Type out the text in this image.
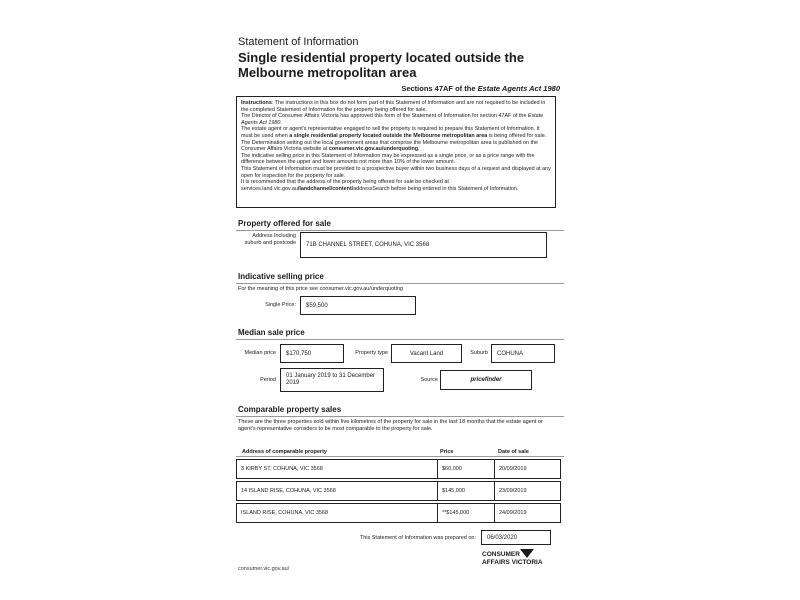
Statement of Information
Single residential property located outside the Melbourne metropolitan area
Sections 47AF of the Estate Agents Act 1980
Instructions: The instructions in this box do not form part of this Statement of Information and are not required to be included in the completed Statement of Information for the property being offered for sale.
The Director of Consumer Affairs Victoria has approved this form of the Statement of Information for section 47AF of the Estate Agents Act 1980.
The estate agent or agent's representative engaged to sell the property is required to prepare this Statement of Information. It must be used when a single residential property located outside the Melbourne metropolitan area is being offered for sale. The Determination setting out the local government areas that comprise the Melbourne metropolitan area is published on the Consumer Affairs Victoria website at consumer.vic.gov.au/underquoting.
The indicative selling price in this Statement of Information may be expressed as a single price, or as a price range with the difference between the upper and lower amounts not more than 10% of the lower amount.
This Statement of Information must be provided to a prospective buyer within two business days of a request and displayed at any open for inspection for the property for sale.
It is recommended that the address of the property being offered for sale be checked at
services.land.vic.gov.au/landchannel/content/addressSearch before being entered in this Statement of Information.
Property offered for sale
Address Including suburb and postcode	71B CHANNEL STREET, COHUNA, VIC 3568
Indicative selling price
For the meaning of this price see consumer.vic.gov.au/underquoting
Single Price:	$59,500
Median sale price
Median price	$170,750	Property type	Vacant Land	Suburb	COHUNA
Period
01 January 2019 to 31 December 2019	Source	pricefinder
Comparable property sales
These are the three properties sold within five kilometres of the property for sale in the last 18 months that the estate agent or agent's representative considers to be most comparable to the property for sale.
Address of comparable property	Price	Date of sale
3 KIRBY ST, COHUNA, VIC 3568	$60,000	20/09/2019
14 ISLAND RISE, COHUNA, VIC 3568	$145,000	23/09/2019
ISLAND RISE, COHUNA, VIC 3568	**$145,000	24/09/2019
This Statement of Information was prepared on:	06/03/2020
consumer.vic.gov.au/
CONSUMER
AFFAIRS VICTORIA
